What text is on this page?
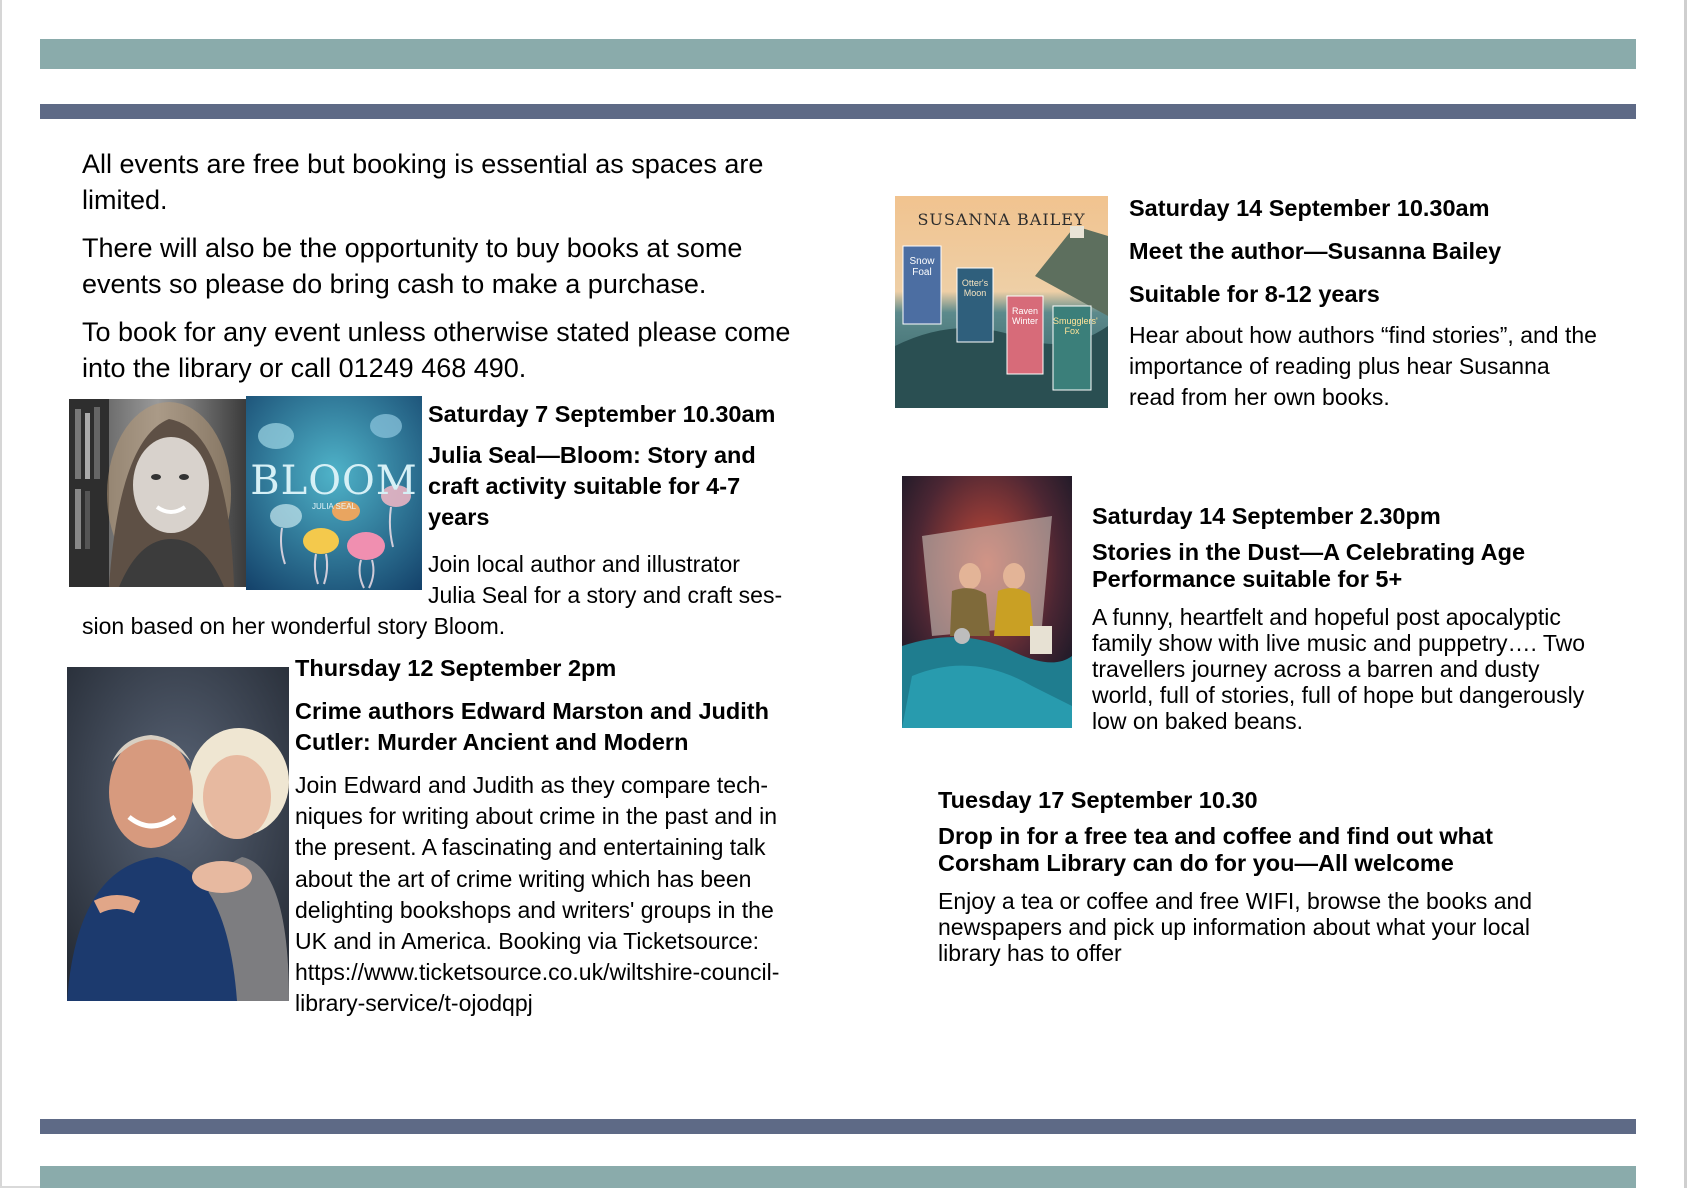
All events are free but booking is essential as spaces are limited.

There will also be the opportunity to buy books at some events so please do bring cash to make a purchase.

To book for any event unless otherwise stated please come into the library or call 01249 468 490.

BLOOM
JULIA SEAL

Saturday 7 September 10.30am

Julia Seal—Bloom: Story and craft activity suitable for 4-7 years

Join local author and illustrator

Julia Seal for a story and craft ses-

sion based on her wonderful story Bloom.

Thursday 12 September 2pm

Crime authors Edward Marston and Judith Cutler: Murder Ancient and Modern

Join Edward and Judith as they compare tech-niques for writing about crime in the past and in the present. A fascinating and entertaining talk about the art of crime writing which has been delighting bookshops and writers' groups in the UK and in America. Booking via Ticketsource: https://www.ticketsource.co.uk/wiltshire-council-library-service/t-ojodqpj

SUSANNA BAILEY
Snow Foal
Otter's Moon
Raven Winter	Smugglers' Fox

Saturday 14 September 10.30am

Meet the author—Susanna Bailey

Suitable for 8-12 years

Hear about how authors “find stories”, and the importance of reading plus hear Susanna read from her own books.

Saturday 14 September 2.30pm

Stories in the Dust—A Celebrating Age Performance suitable for 5+

A funny, heartfelt and hopeful post apocalyptic family show with live music and puppetry…. Two travellers journey across a barren and dusty world, full of stories, full of hope but dangerously low on baked beans.

Tuesday 17 September 10.30

Drop in for a free tea and coffee and find out what Corsham Library can do for you—All welcome

Enjoy a tea or coffee and free WIFI, browse the books and newspapers and pick up information about what your local library has to offer
